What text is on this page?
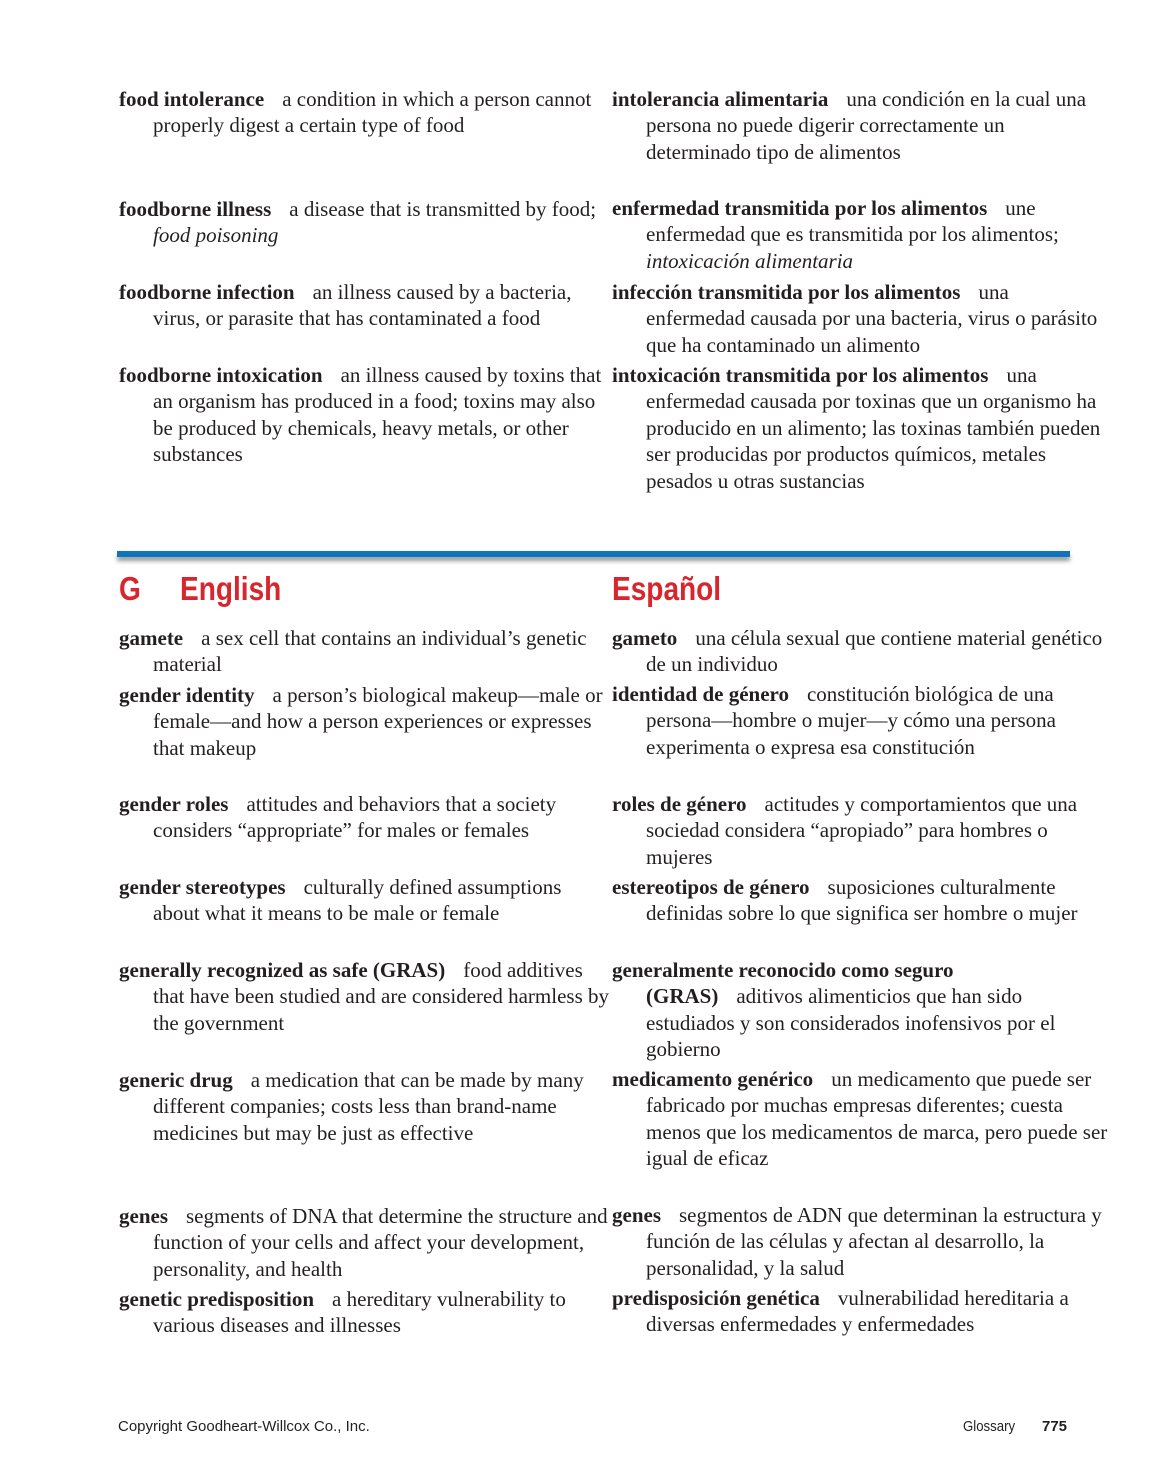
food intolerance a condition in which a person cannot properly digest a certain type of food
foodborne illness a disease that is transmitted by food; food poisoning
foodborne infection an illness caused by a bacteria, virus, or parasite that has contaminated a food
foodborne intoxication an illness caused by toxins that an organism has produced in a food; toxins may also be produced by chemicals, heavy metals, or other substances
intolerancia alimentaria una condición en la cual una persona no puede digerir correctamente un determinado tipo de alimentos
enfermedad transmitida por los alimentos une enfermedad que es transmitida por los alimentos; intoxicación alimentaria
infección transmitida por los alimentos una enfermedad causada por una bacteria, virus o parásito que ha contaminado un alimento
intoxicación transmitida por los alimentos una enfermedad causada por toxinas que un organismo ha producido en un alimento; las toxinas también pueden ser producidas por productos químicos, metales pesados u otras sustancias
gamete a sex cell that contains an individual’s genetic material
gender identity a person’s biological makeup—male or female—and how a person experiences or expresses that makeup
gender roles attitudes and behaviors that a society considers “appropriate” for males or females
gender stereotypes culturally defined assumptions about what it means to be male or female
generally recognized as safe (GRAS) food additives that have been studied and are considered harmless by the government
generic drug a medication that can be made by many different companies; costs less than brand-name medicines but may be just as effective
genes segments of DNA that determine the structure and function of your cells and affect your development, personality, and health
genetic predisposition a hereditary vulnerability to various diseases and illnesses
gameto una célula sexual que contiene material genético de un individuo
identidad de género constitución biológica de una persona—hombre o mujer—y cómo una persona experimenta o expresa esa constitución
roles de género actitudes y comportamientos que una sociedad considera “apropiado” para hombres o mujeres
estereotipos de género suposiciones culturalmente definidas sobre lo que significa ser hombre o mujer
generalmente reconocido como seguro (GRAS) aditivos alimenticios que han sido estudiados y son considerados inofensivos por el gobierno
medicamento genérico un medicamento que puede ser fabricado por muchas empresas diferentes; cuesta menos que los medicamentos de marca, pero puede ser igual de eficaz
genes segmentos de ADN que determinan la estructura y función de las células y afectan al desarrollo, la personalidad, y la salud
predisposición genética vulnerabilidad hereditaria a diversas enfermedades y enfermedades
G English	Español
Copyright Goodheart-Willcox Co., Inc.	Glossary 775
